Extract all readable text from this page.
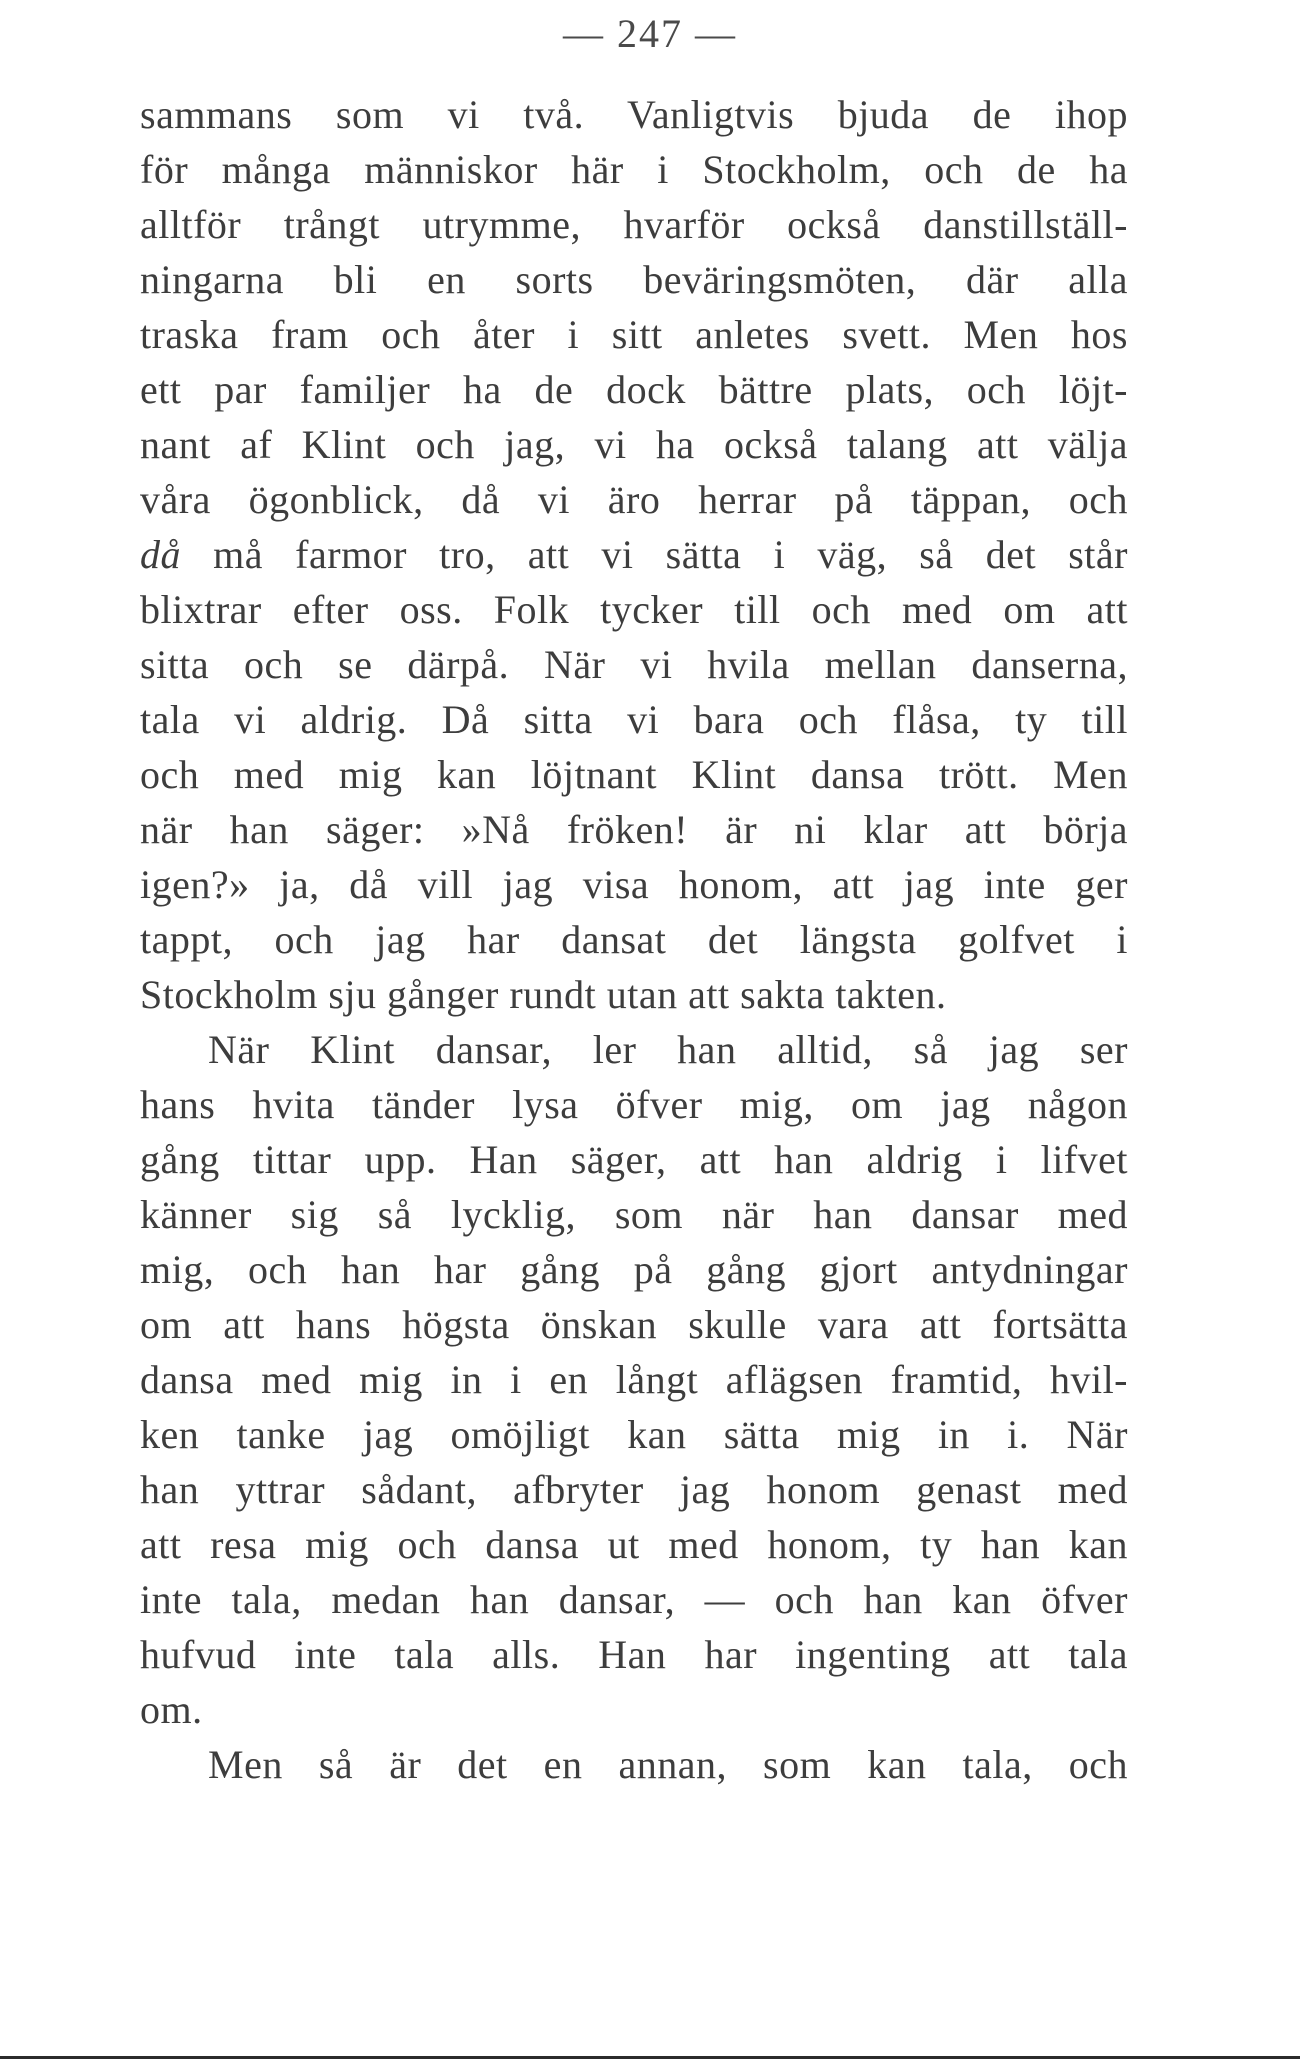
— 247 —
sammans som vi två. Vanligtvis bjuda de ihop
för många människor här i Stockholm, och de ha
alltför trångt utrymme, hvarför också danstillställ-
ningarna bli en sorts beväringsmöten, där alla
traska fram och åter i sitt anletes svett. Men hos
ett par familjer ha de dock bättre plats, och löjt-
nant af Klint och jag, vi ha också talang att välja
våra ögonblick, då vi äro herrar på täppan, och
då må farmor tro, att vi sätta i väg, så det står
blixtrar efter oss. Folk tycker till och med om att
sitta och se därpå. När vi hvila mellan danserna,
tala vi aldrig. Då sitta vi bara och flåsa, ty till
och med mig kan löjtnant Klint dansa trött. Men
när han säger: »Nå fröken! är ni klar att börja
igen?» ja, då vill jag visa honom, att jag inte ger
tappt, och jag har dansat det längsta golfvet i
Stockholm sju gånger rundt utan att sakta takten.
När Klint dansar, ler han alltid, så jag ser
hans hvita tänder lysa öfver mig, om jag någon
gång tittar upp. Han säger, att han aldrig i lifvet
känner sig så lycklig, som när han dansar med
mig, och han har gång på gång gjort antydningar
om att hans högsta önskan skulle vara att fortsätta
dansa med mig in i en långt aflägsen framtid, hvil-
ken tanke jag omöjligt kan sätta mig in i. När
han yttrar sådant, afbryter jag honom genast med
att resa mig och dansa ut med honom, ty han kan
inte tala, medan han dansar, — och han kan öfver
hufvud inte tala alls. Han har ingenting att tala
om.
Men så är det en annan, som kan tala, och
